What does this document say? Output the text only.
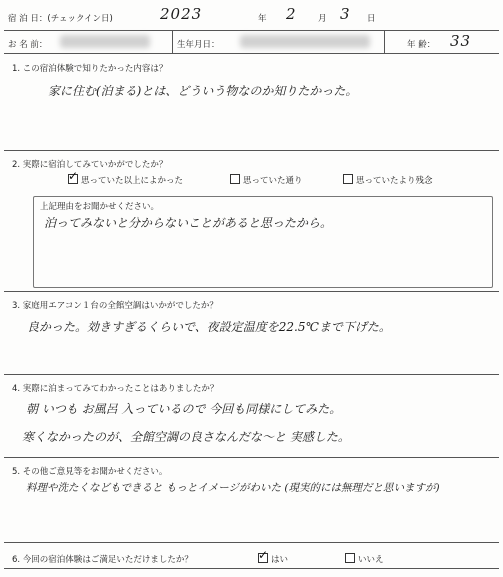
宿 泊 日：(チェックイン日)	2023	年 2	月 3 日
お 名 前：	生年月日：	年 齢： 33
1. この宿泊体験で知りたかった内容は？
家に住む(泊まる)とは、どういう物なのか知りたかった。
2. 実際に宿泊してみていかがでしたか？
✓ 思っていた以上によかった	思っていた通り	思っていたより残念
上記理由をお聞かせください。
泊ってみないと分からないことがあると思ったから。
3. 家庭用エアコン１台の全館空調はいかがでしたか？
良かった。効きすぎるくらいで、夜設定温度を22.5℃まで下げた。
4. 実際に泊まってみてわかったことはありましたか？
朝 いつも お風呂 入っているので 今回も同様にしてみた。
寒くなかったのが、全館空調の良さなんだな〜と 実感した。
5. その他ご意見等をお聞かせください。
料理や洗たくなどもできると もっとイメージがわいた (現実的には無理だと思いますが)
6. 今回の宿泊体験はご満足いただけましたか？	✓ はい	いいえ
